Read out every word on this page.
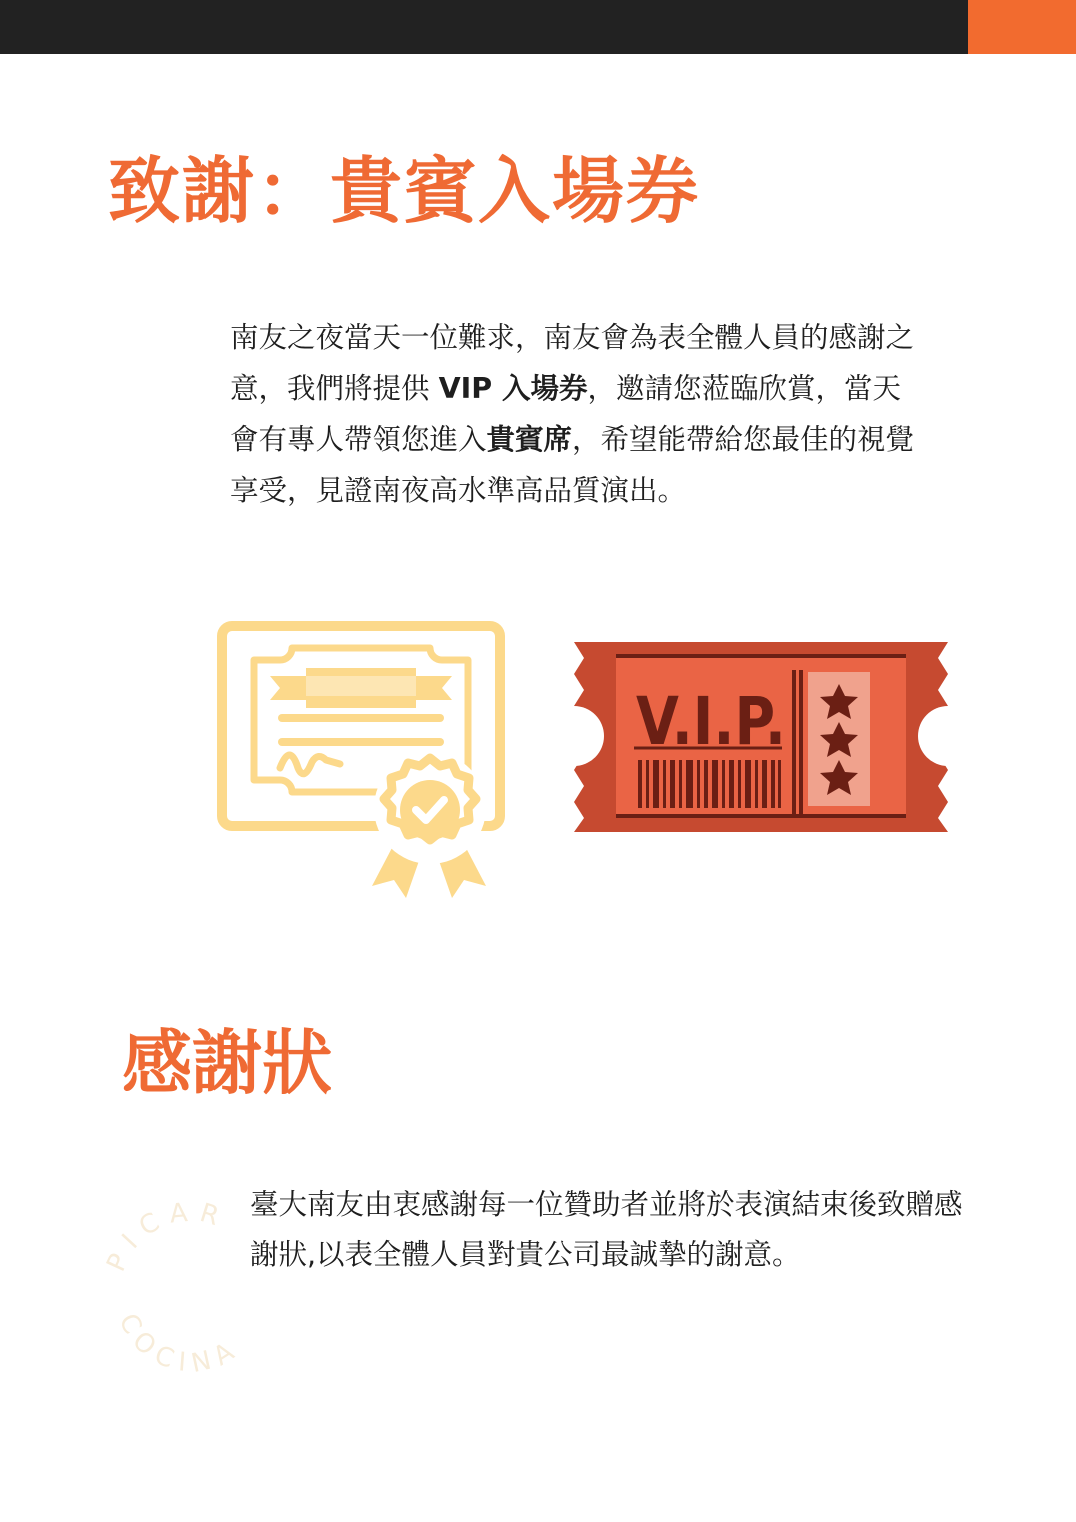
致謝：貴賓入場券

南友之夜當天一位難求，南友會為表全體人員的感謝之意，我們將提供 VIP 入場券，邀請您蒞臨欣賞，當天會有專人帶領您進入貴賓席，希望能帶給您最佳的視覺享受，見證南夜高水準高品質演出。

V.I.P.
感謝狀
PICAR
COCINA

臺大南友由衷感謝每一位贊助者並將於表演結束後致贈感謝狀,以表全體人員對貴公司最誠摯的謝意。
